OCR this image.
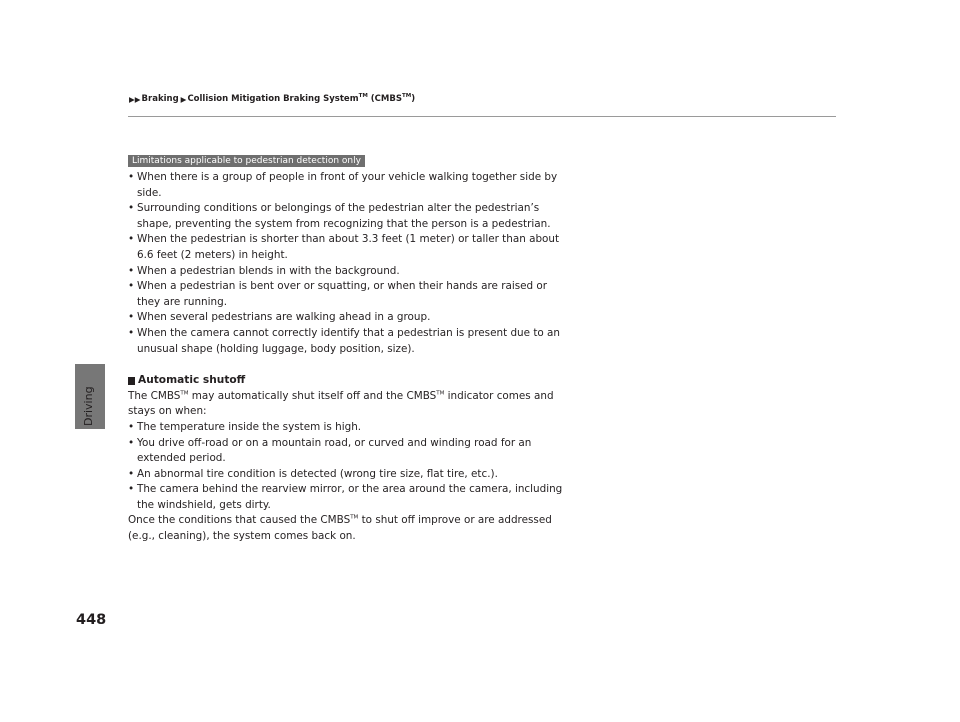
▶▶ Braking ▶ Collision Mitigation Braking System™ (CMBS™)
Limitations applicable to pedestrian detection only
• When there is a group of people in front of your vehicle walking together side by side.
• Surrounding conditions or belongings of the pedestrian alter the pedestrian’s shape, preventing the system from recognizing that the person is a pedestrian.
• When the pedestrian is shorter than about 3.3 feet (1 meter) or taller than about 6.6 feet (2 meters) in height.
• When a pedestrian blends in with the background.
• When a pedestrian is bent over or squatting, or when their hands are raised or they are running.
• When several pedestrians are walking ahead in a group.
• When the camera cannot correctly identify that a pedestrian is present due to an unusual shape (holding luggage, body position, size).
Automatic shutoff

The CMBS™ may automatically shut itself off and the CMBS™ indicator comes and stays on when:

• The temperature inside the system is high.
• You drive off-road or on a mountain road, or curved and winding road for an extended period.
• An abnormal tire condition is detected (wrong tire size, flat tire, etc.).
• The camera behind the rearview mirror, or the area around the camera, including the windshield, gets dirty.

Once the conditions that caused the CMBS™ to shut off improve or are addressed (e.g., cleaning), the system comes back on.

Driving
448
